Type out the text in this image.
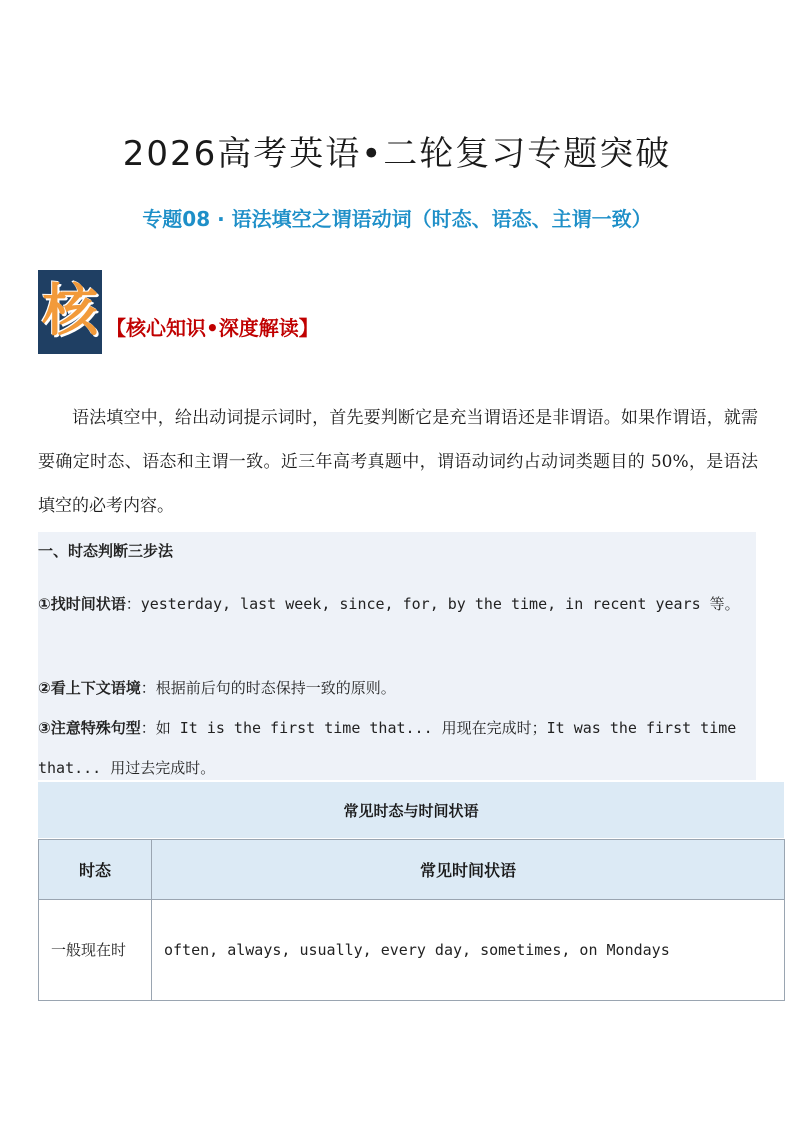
2026高考英语•二轮复习专题突破
专题08 · 语法填空之谓语动词（时态、语态、主谓一致）
核 【核心知识•深度解读】

语法填空中，给出动词提示词时，首先要判断它是充当谓语还是非谓语。如果作谓语，就需要确定时态、语态和主谓一致。近三年高考真题中，谓语动词约占动词类题目的 50%，是语法填空的必考内容。

一、时态判断三步法
①找时间状语：yesterday, last week, since, for, by the time, in recent years 等。
②看上下文语境：根据前后句的时态保持一致的原则。
③注意特殊句型：如 It is the first time that... 用现在完成时；It was the first time that... 用过去完成时。
常见时态与时间状语
时态	常见时间状语
一般现在时	often, always, usually, every day, sometimes, on Mondays
